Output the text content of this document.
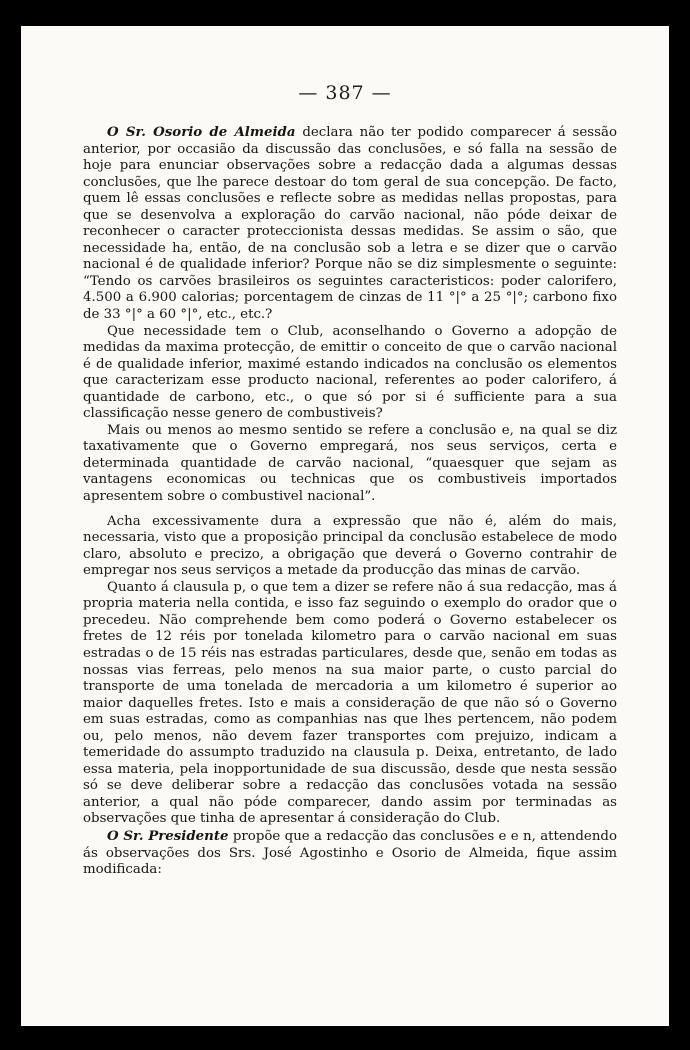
— 387 —

O Sr. Osorio de Almeida declara não ter podido comparecer á sessão anterior, por occasião da discussão das conclusões, e só falla na sessão de hoje para enunciar observações sobre a redacção dada a algumas dessas conclusões, que lhe parece destoar do tom geral de sua concepção. De facto, quem lê essas conclusões e reflecte sobre as medidas nellas propostas, para que se desenvolva a exploração do carvão nacional, não póde deixar de reconhecer o caracter proteccionista dessas medidas. Se assim o são, que necessidade ha, então, de na conclusão sob a letra e se dizer que o carvão nacional é de qualidade inferior? Porque não se diz simplesmente o seguinte: “Tendo os carvões brasileiros os seguintes caracteristicos: poder calorifero, 4.500 a 6.900 calorias; porcentagem de cinzas de 11 °|° a 25 °|°; carbono fixo de 33 °|° a 60 °|°, etc., etc.?

Que necessidade tem o Club, aconselhando o Governo a adopção de medidas da maxima protecção, de emittir o conceito de que o carvão nacional é de qualidade inferior, maximé estando indicados na conclusão os elementos que caracterizam esse producto nacional, referentes ao poder calorifero, á quantidade de carbono, etc., o que só por si é sufficiente para a sua classificação nesse genero de combustiveis?

Mais ou menos ao mesmo sentido se refere a conclusão e, na qual se diz taxativamente que o Governo empregará, nos seus serviços, certa e determinada quantidade de carvão nacional, “quaesquer que sejam as vantagens economicas ou technicas que os combustiveis importados apresentem sobre o combustivel nacional”.

Acha excessivamente dura a expressão que não é, além do mais, necessaria, visto que a proposição principal da conclusão estabelece de modo claro, absoluto e precizo, a obrigação que deverá o Governo contrahir de empregar nos seus serviços a metade da producção das minas de carvão.

Quanto á clausula p, o que tem a dizer se refere não á sua redacção, mas á propria materia nella contida, e isso faz seguindo o exemplo do orador que o precedeu. Não comprehende bem como poderá o Governo estabelecer os fretes de 12 réis por tonelada kilometro para o carvão nacional em suas estradas o de 15 réis nas estradas particulares, desde que, senão em todas as nossas vias ferreas, pelo menos na sua maior parte, o custo parcial do transporte de uma tonelada de mercadoria a um kilometro é superior ao maior daquelles fretes. Isto e mais a consideração de que não só o Governo em suas estradas, como as companhias nas que lhes pertencem, não podem ou, pelo menos, não devem fazer transportes com prejuizo, indicam a temeridade do assumpto traduzido na clausula p. Deixa, entretanto, de lado essa materia, pela inopportunidade de sua discussão, desde que nesta sessão só se deve deliberar sobre a redacção das conclusões votada na sessão anterior, a qual não póde comparecer, dando assim por terminadas as observações que tinha de apresentar á consideração do Club.

O Sr. Presidente propõe que a redacção das conclusões e e n, attendendo ás observações dos Srs. José Agostinho e Osorio de Almeida, fique assim modificada:
